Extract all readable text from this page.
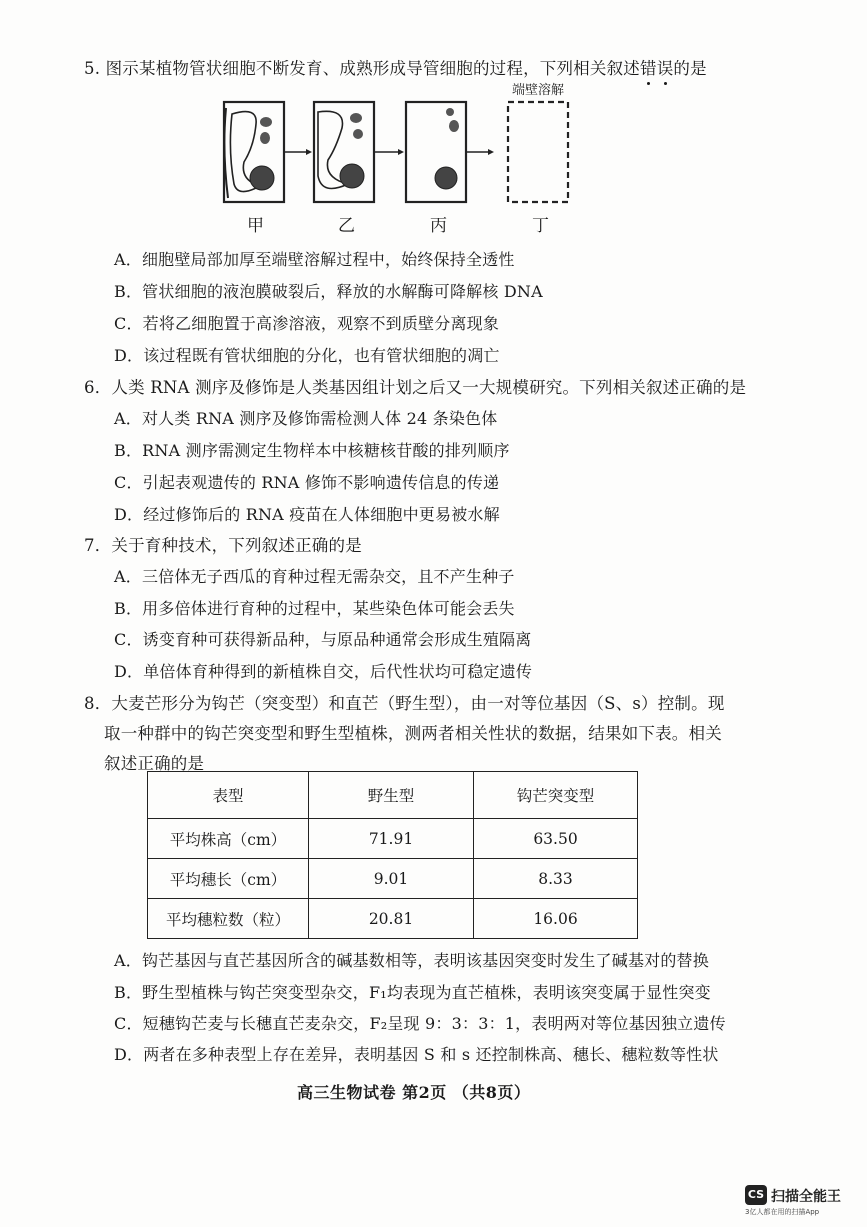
5. 图示某植物管状细胞不断发育、成熟形成导管细胞的过程，下列相关叙述错误
的是
端壁溶解
甲	乙	丙	丁
A．细胞壁局部加厚至端壁溶解过程中，始终保持全透性
B．管状细胞的液泡膜破裂后，释放的水解酶可降解核 DNA
C．若将乙细胞置于高渗溶液，观察不到质壁分离现象
D．该过程既有管状细胞的分化，也有管状细胞的凋亡
6．人类 RNA 测序及修饰是人类基因组计划之后又一大规模研究。下列相关叙述正确的是
A．对人类 RNA 测序及修饰需检测人体 24 条染色体
B．RNA 测序需测定生物样本中核糖核苷酸的排列顺序
C．引起表观遗传的 RNA 修饰不影响遗传信息的传递
D．经过修饰后的 RNA 疫苗在人体细胞中更易被水解
7．关于育种技术，下列叙述正确的是
A．三倍体无子西瓜的育种过程无需杂交，且不产生种子
B．用多倍体进行育种的过程中，某些染色体可能会丢失
C．诱变育种可获得新品种，与原品种通常会形成生殖隔离
D．单倍体育种得到的新植株自交，后代性状均可稳定遗传
8．大麦芒形分为钩芒（突变型）和直芒（野生型），由一对等位基因（S、s）控制。现
取一种群中的钩芒突变型和野生型植株，测两者相关性状的数据，结果如下表。相关
叙述正确的是
表型	野生型	钩芒突变型
平均株高（cm）	71.91	63.50
平均穗长（cm）	9.01	8.33
平均穗粒数（粒）	20.81	16.06
A．钩芒基因与直芒基因所含的碱基数相等，表明该基因突变时发生了碱基对的替换
B．野生型植株与钩芒突变型杂交，F₁均表现为直芒植株，表明该突变属于显性突变
C．短穗钩芒麦与长穗直芒麦杂交，F₂呈现 9：3：3：1，表明两对等位基因独立遗传
D．两者在多种表型上存在差异，表明基因 S 和 s 还控制株高、穗长、穗粒数等性状
高三生物试卷 第2页 （共8页）
CS 扫描全能王
3亿人都在用的扫描App
